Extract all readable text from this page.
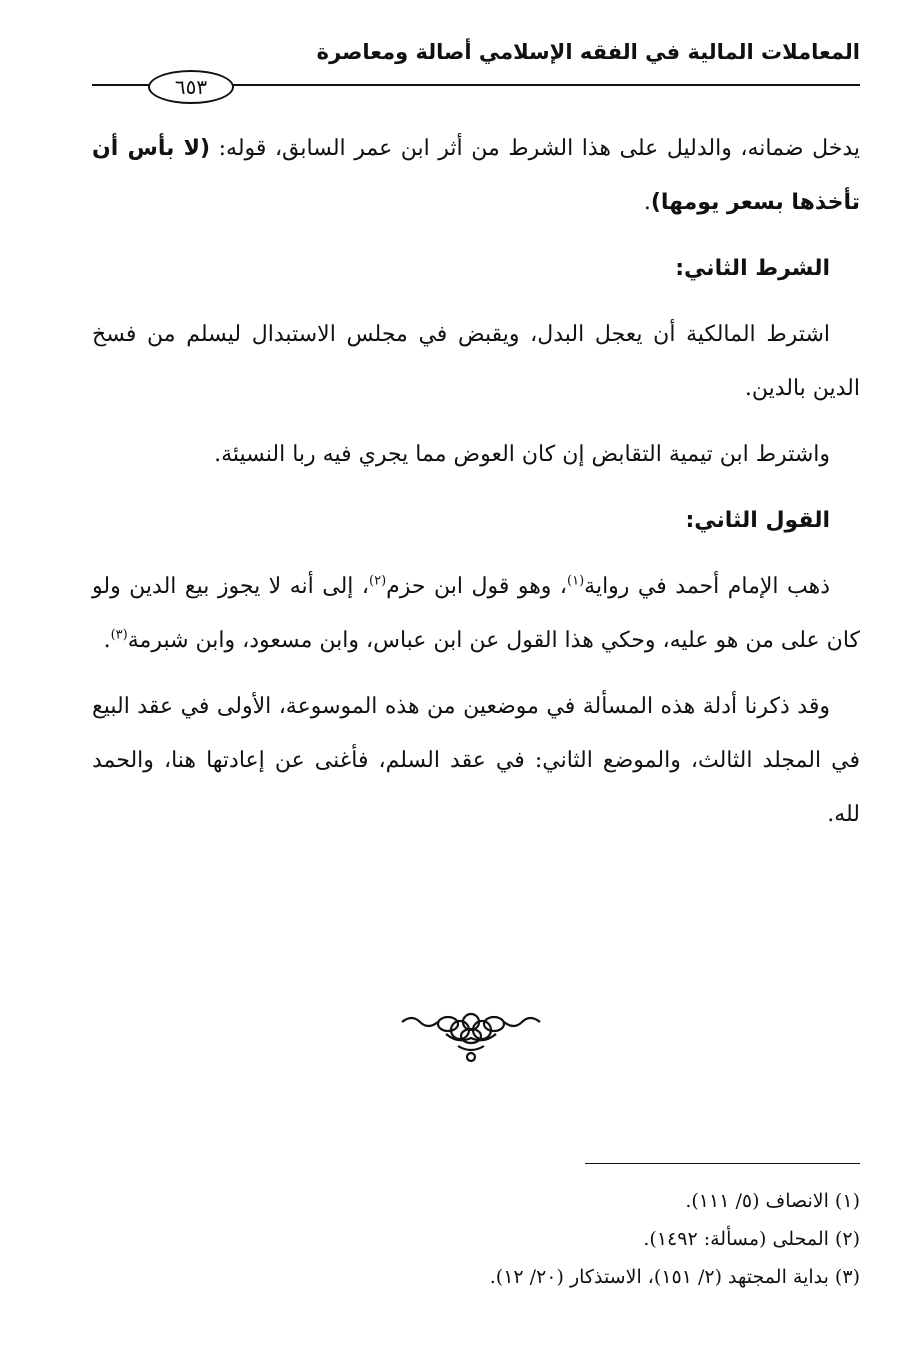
المعاملات المالية في الفقه الإسلامي أصالة ومعاصرة
٦٥٣

يدخل ضمانه، والدليل على هذا الشرط من أثر ابن عمر السابق، قوله: (لا بأس أن تأخذها بسعر يومها).

الشرط الثاني:

اشترط المالكية أن يعجل البدل، ويقبض في مجلس الاستبدال ليسلم من فسخ الدين بالدين.

واشترط ابن تيمية التقابض إن كان العوض مما يجري فيه ربا النسيئة.

القول الثاني:

ذهب الإمام أحمد في رواية$^{(١)}$، وهو قول ابن حزم$^{(٢)}$، إلى أنه لا يجوز بيع الدين ولو كان على من هو عليه، وحكي هذا القول عن ابن عباس، وابن مسعود، وابن شبرمة$^{(٣)}$.

وقد ذكرنا أدلة هذه المسألة في موضعين من هذه الموسوعة، الأولى في عقد البيع في المجلد الثالث، والموضع الثاني: في عقد السلم، فأغنى عن إعادتها هنا، والحمد لله.

(١) الانصاف (٥/ ١١١).
(٢) المحلى (مسألة: ١٤٩٢).
(٣) بداية المجتهد (٢/ ١٥١)، الاستذكار (٢٠/ ١٢).
